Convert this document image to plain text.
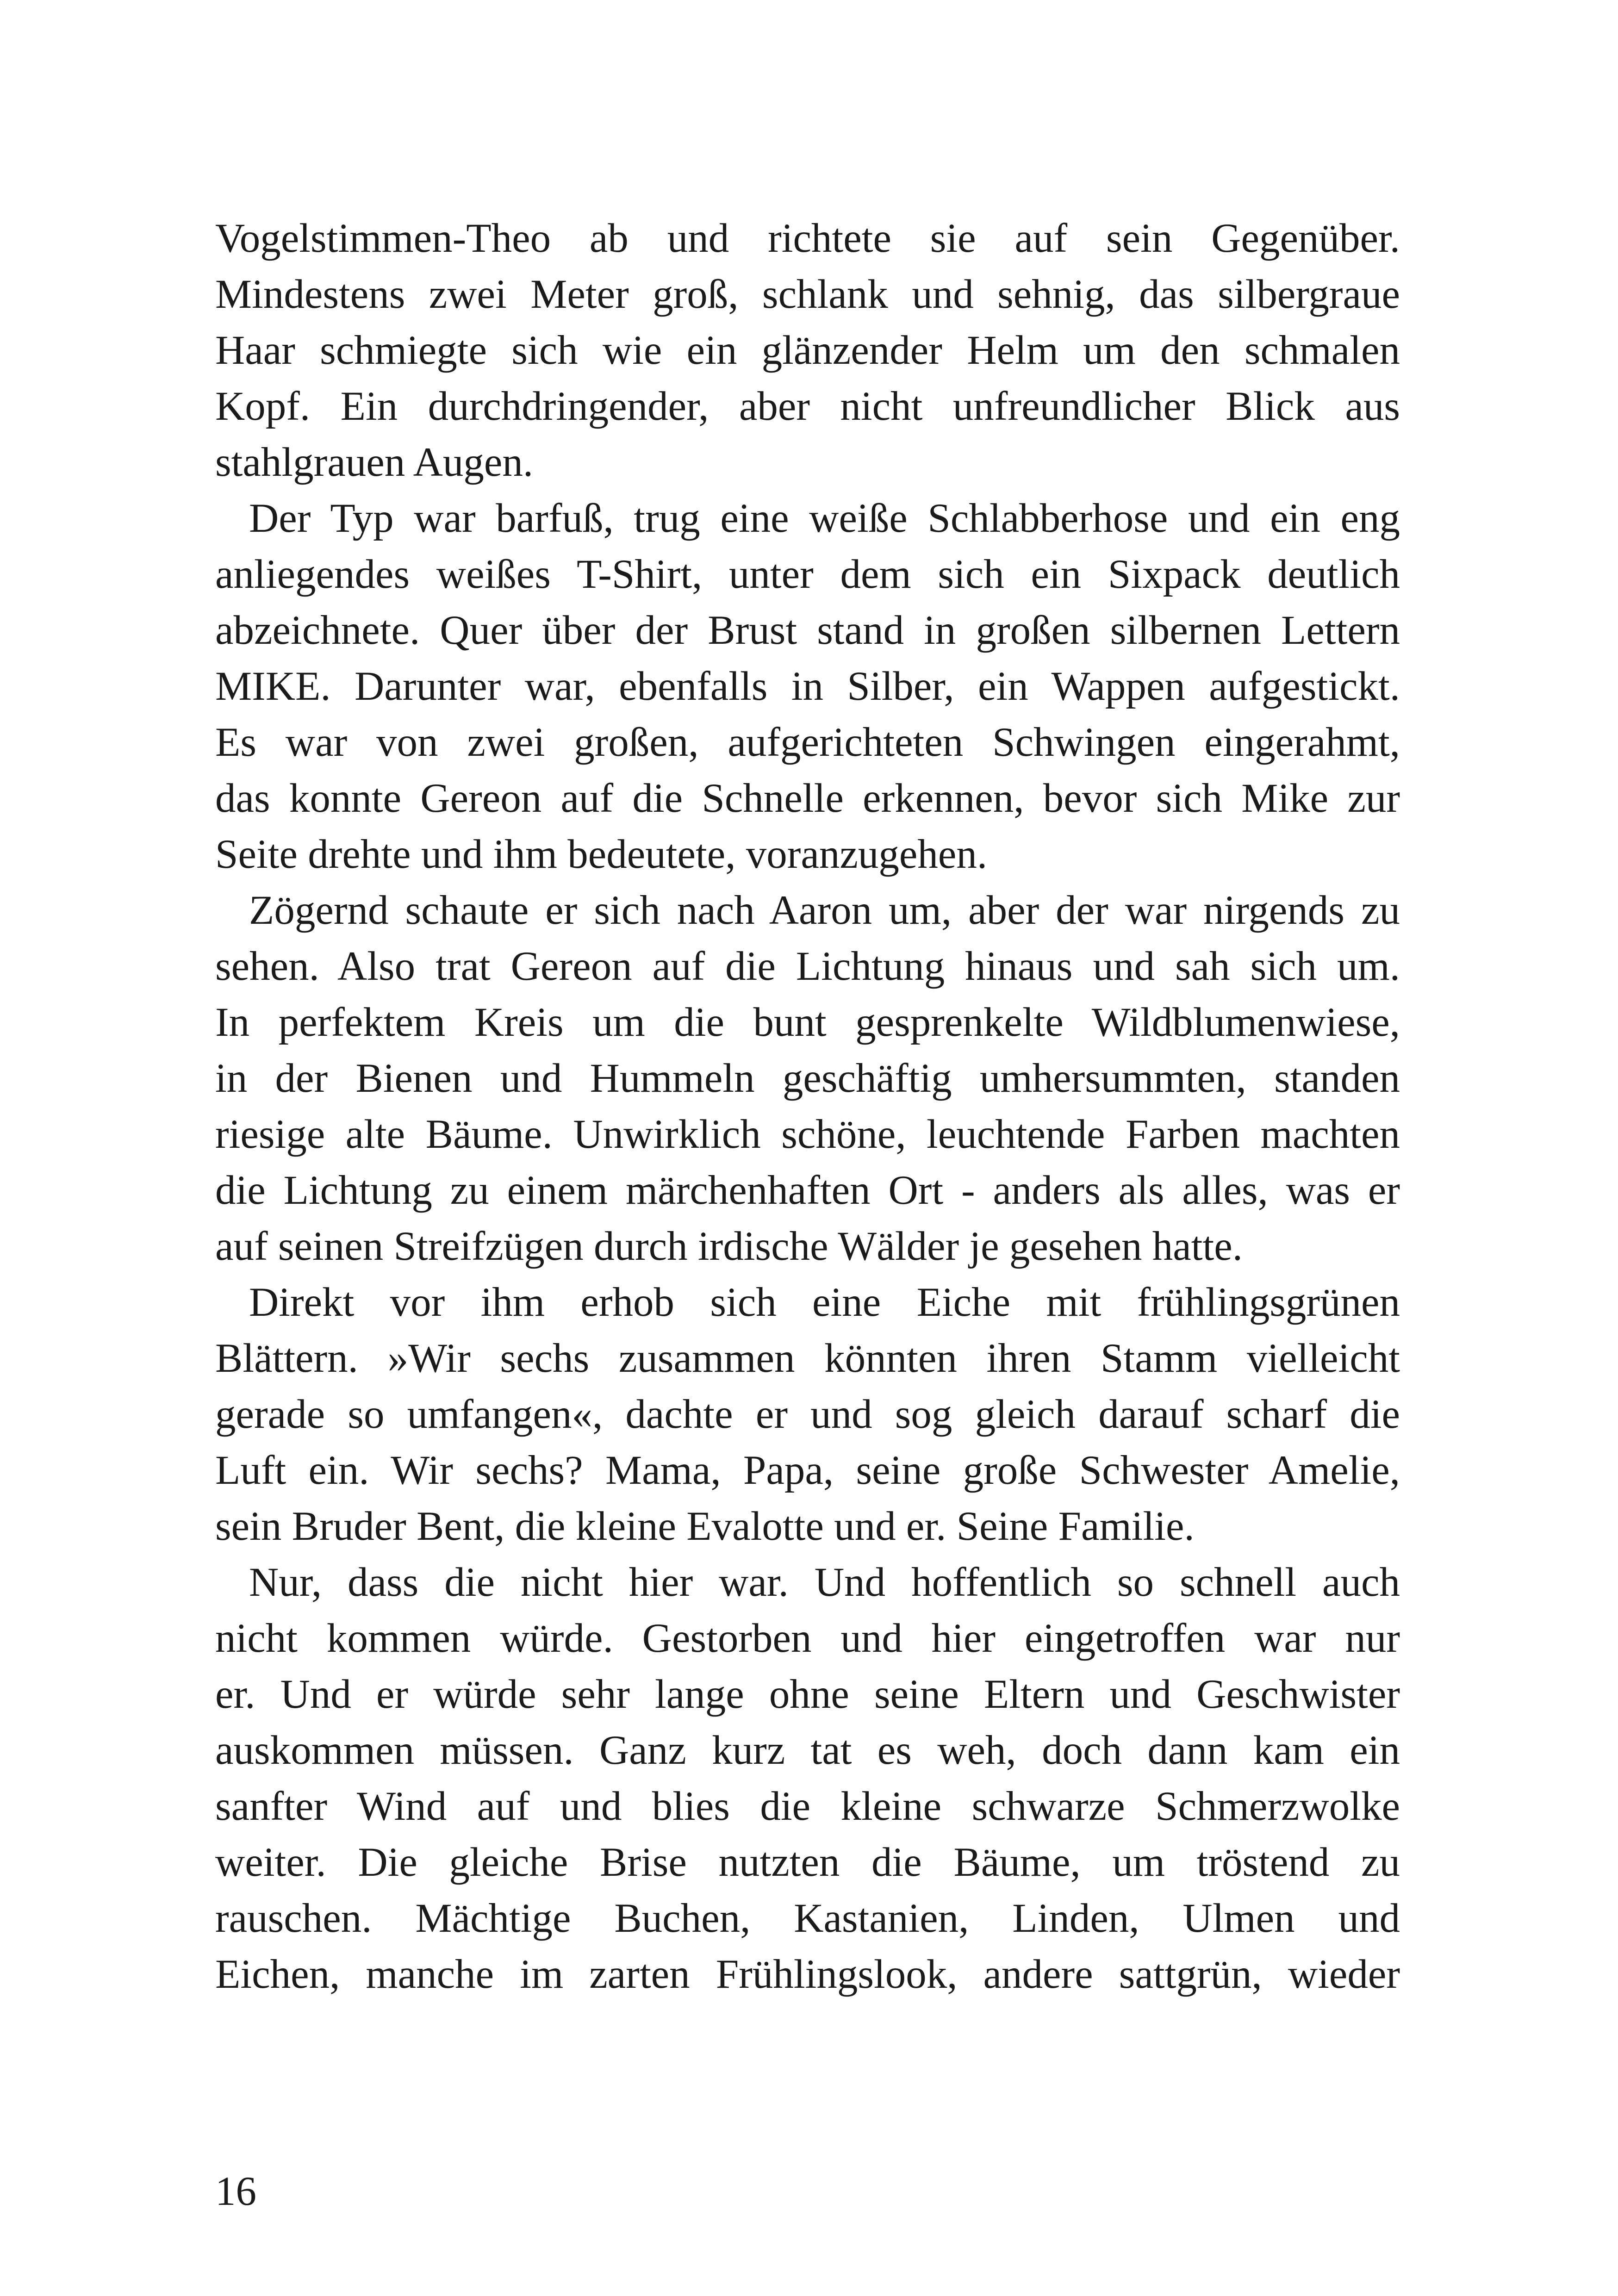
Vogelstimmen-Theo ab und richtete sie auf sein Gegenüber.
Mindestens zwei Meter groß, schlank und sehnig, das silbergraue
Haar schmiegte sich wie ein glänzender Helm um den schmalen
Kopf. Ein durchdringender, aber nicht unfreundlicher Blick aus
stahlgrauen Augen.
Der Typ war barfuß, trug eine weiße Schlabberhose und ein eng
anliegendes weißes T-Shirt, unter dem sich ein Sixpack deutlich
abzeichnete. Quer über der Brust stand in großen silbernen Lettern
MIKE. Darunter war, ebenfalls in Silber, ein Wappen aufgestickt.
Es war von zwei großen, aufgerichteten Schwingen eingerahmt,
das konnte Gereon auf die Schnelle erkennen, bevor sich Mike zur
Seite drehte und ihm bedeutete, voranzugehen.
Zögernd schaute er sich nach Aaron um, aber der war nirgends zu
sehen. Also trat Gereon auf die Lichtung hinaus und sah sich um.
In perfektem Kreis um die bunt gesprenkelte Wildblumenwiese,
in der Bienen und Hummeln geschäftig umhersummten, standen
riesige alte Bäume. Unwirklich schöne, leuchtende Farben machten
die Lichtung zu einem märchenhaften Ort - anders als alles, was er
auf seinen Streifzügen durch irdische Wälder je gesehen hatte.
Direkt vor ihm erhob sich eine Eiche mit frühlingsgrünen
Blättern. »Wir sechs zusammen könnten ihren Stamm vielleicht
gerade so umfangen«, dachte er und sog gleich darauf scharf die
Luft ein. Wir sechs? Mama, Papa, seine große Schwester Amelie,
sein Bruder Bent, die kleine Evalotte und er. Seine Familie.
Nur, dass die nicht hier war. Und hoffentlich so schnell auch
nicht kommen würde. Gestorben und hier eingetroffen war nur
er. Und er würde sehr lange ohne seine Eltern und Geschwister
auskommen müssen. Ganz kurz tat es weh, doch dann kam ein
sanfter Wind auf und blies die kleine schwarze Schmerzwolke
weiter. Die gleiche Brise nutzten die Bäume, um tröstend zu
rauschen. Mächtige Buchen, Kastanien, Linden, Ulmen und
Eichen, manche im zarten Frühlingslook, andere sattgrün, wieder
16
